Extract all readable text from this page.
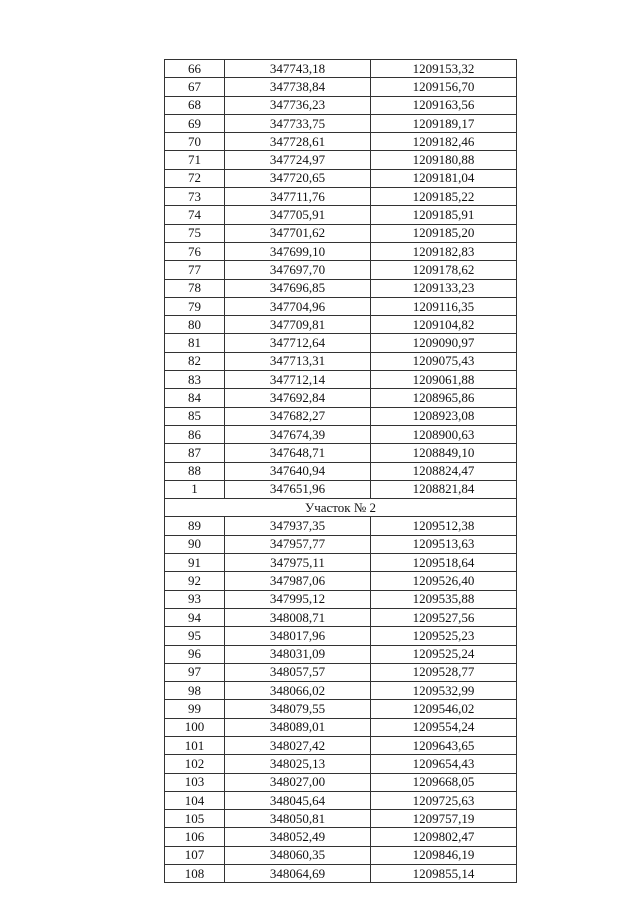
66	347743,18	1209153,32
67	347738,84	1209156,70
68	347736,23	1209163,56
69	347733,75	1209189,17
70	347728,61	1209182,46
71	347724,97	1209180,88
72	347720,65	1209181,04
73	347711,76	1209185,22
74	347705,91	1209185,91
75	347701,62	1209185,20
76	347699,10	1209182,83
77	347697,70	1209178,62
78	347696,85	1209133,23
79	347704,96	1209116,35
80	347709,81	1209104,82
81	347712,64	1209090,97
82	347713,31	1209075,43
83	347712,14	1209061,88
84	347692,84	1208965,86
85	347682,27	1208923,08
86	347674,39	1208900,63
87	347648,71	1208849,10
88	347640,94	1208824,47
1	347651,96	1208821,84
Участок № 2		
89	347937,35	1209512,38
90	347957,77	1209513,63
91	347975,11	1209518,64
92	347987,06	1209526,40
93	347995,12	1209535,88
94	348008,71	1209527,56
95	348017,96	1209525,23
96	348031,09	1209525,24
97	348057,57	1209528,77
98	348066,02	1209532,99
99	348079,55	1209546,02
100	348089,01	1209554,24
101	348027,42	1209643,65
102	348025,13	1209654,43
103	348027,00	1209668,05
104	348045,64	1209725,63
105	348050,81	1209757,19
106	348052,49	1209802,47
107	348060,35	1209846,19
108	348064,69	1209855,14
